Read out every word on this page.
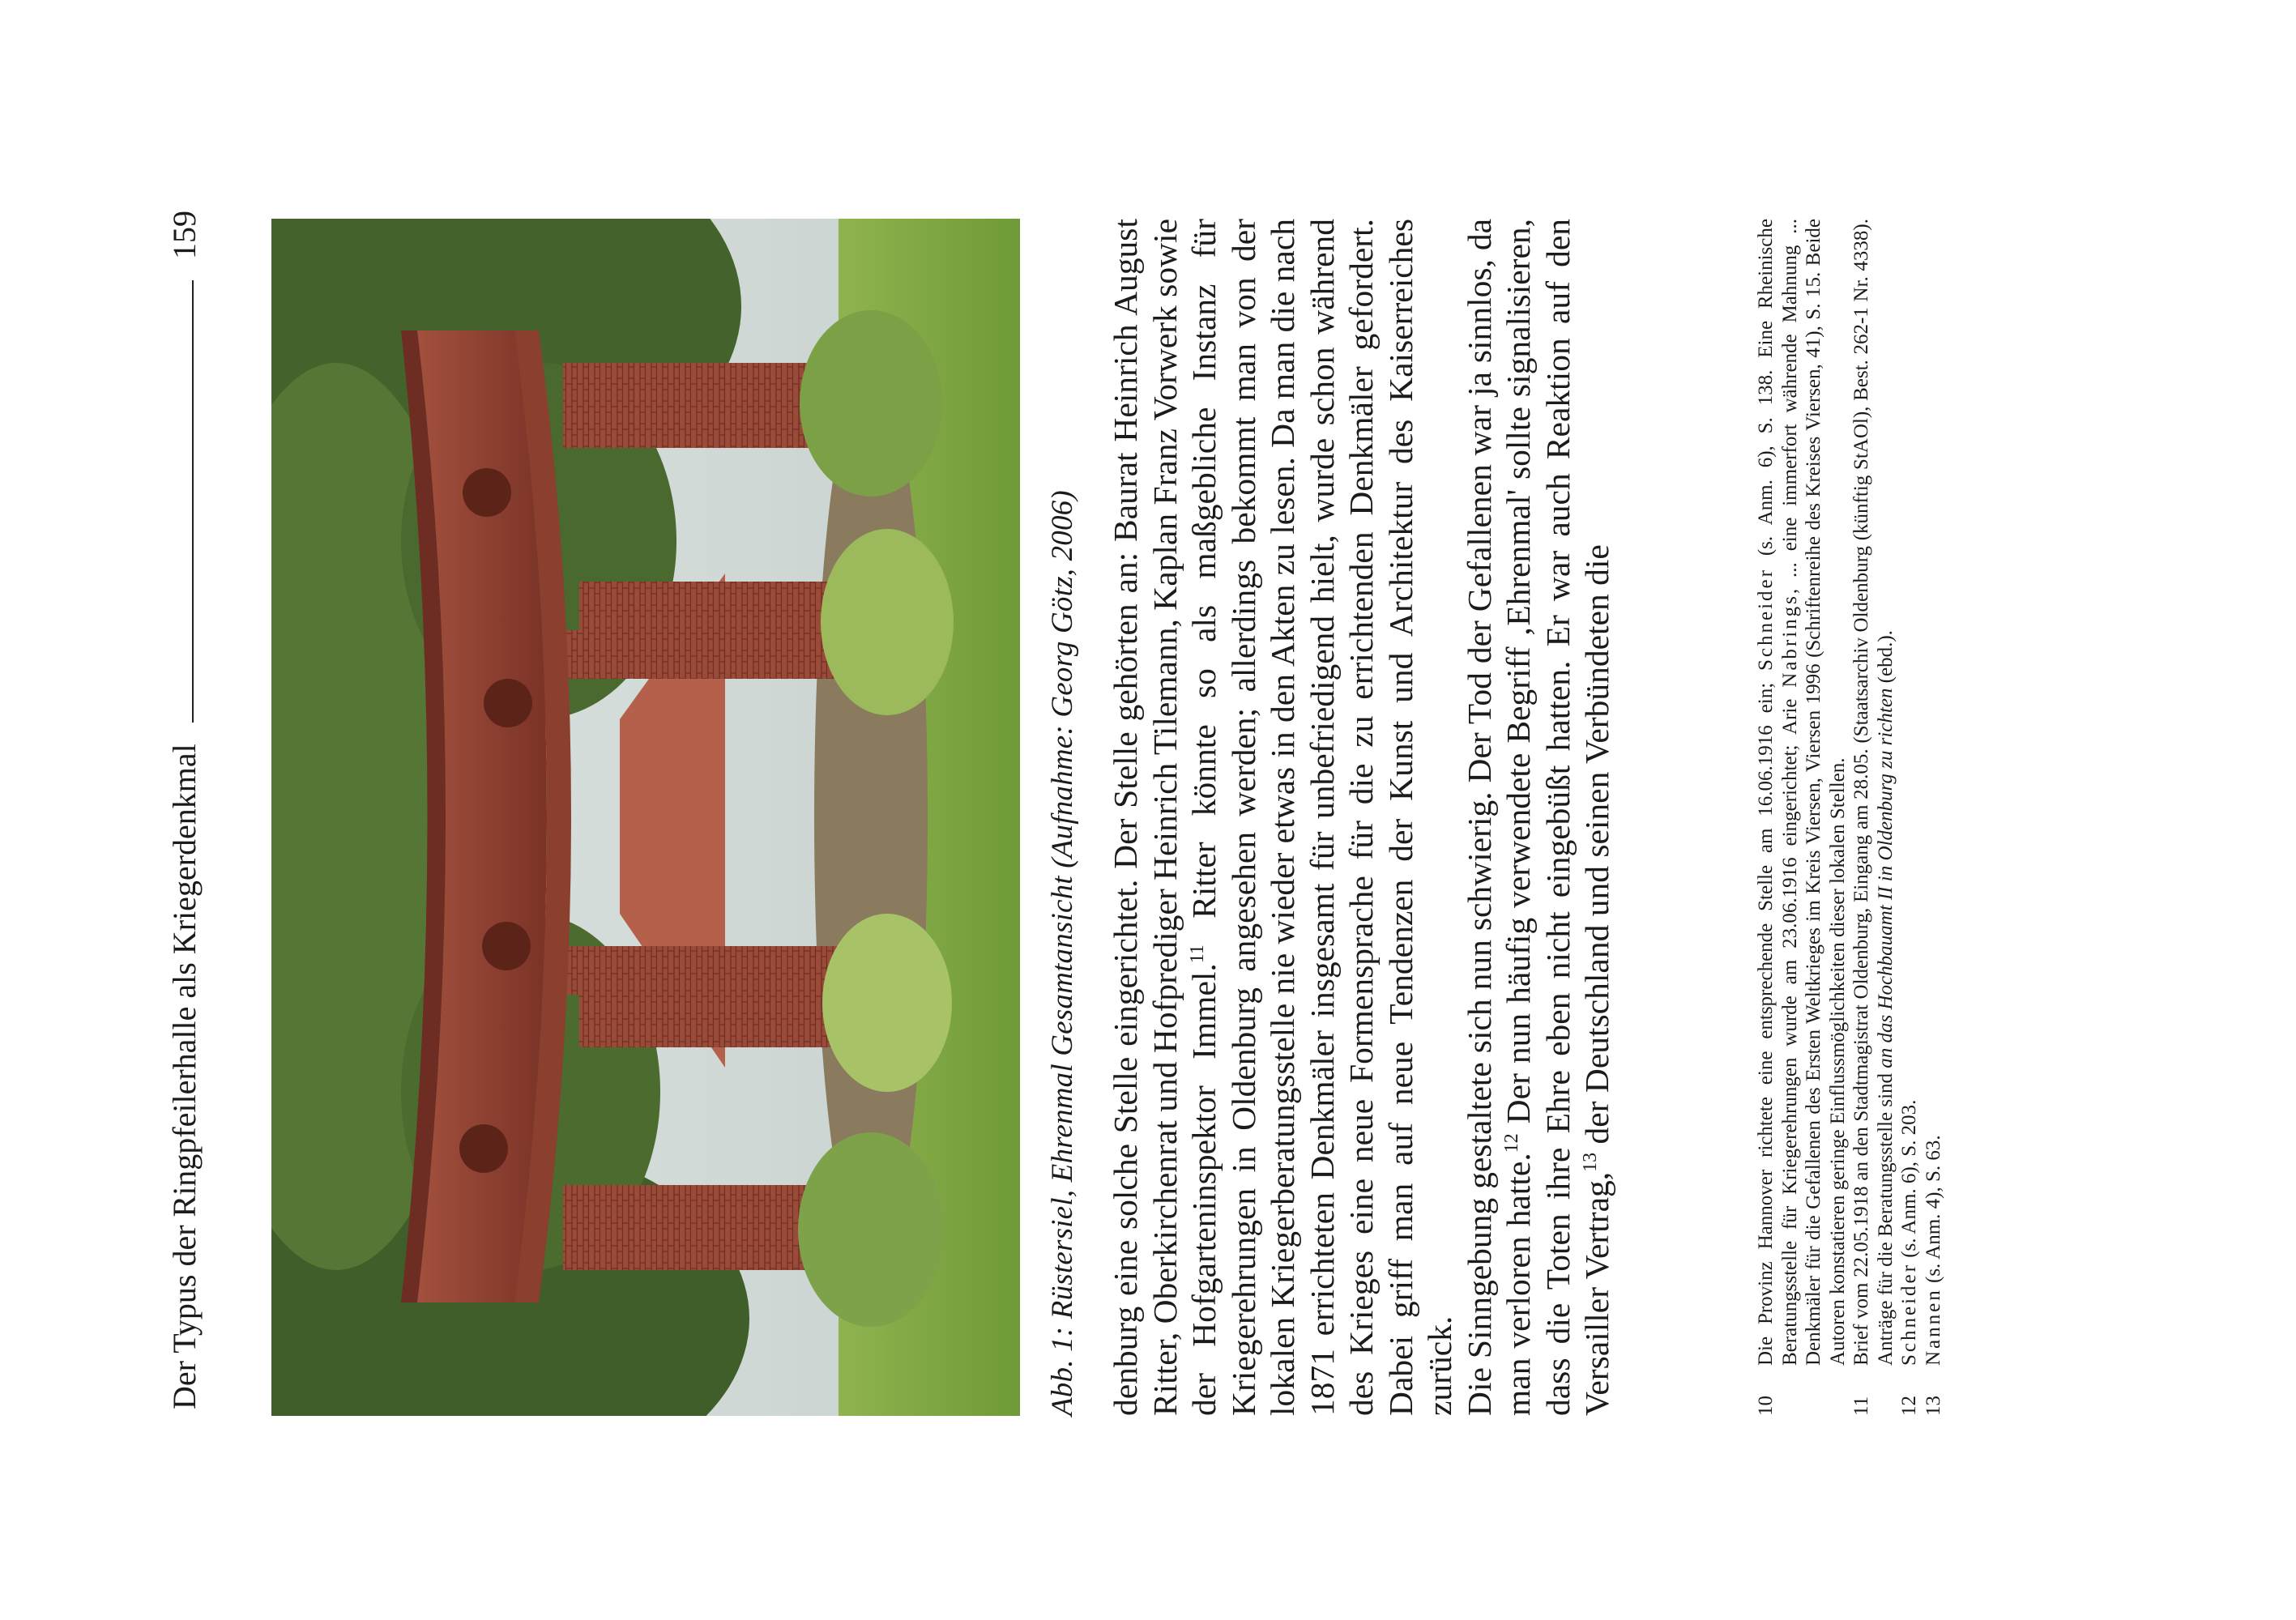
Der Typus der Ringpfeilerhalle als Kriegerdenkmal
159
Abb. 1: Rüstersiel, Ehrenmal Gesamtansicht (Aufnahme: Georg Götz, 2006) denburg eine solche Stelle eingerichtet. Der Stelle gehörten an: Baurat Heinrich August Ritter, Oberkirchenrat und Hofprediger Heinrich Tilemann, Kaplan Franz Vorwerk sowie der Hofgarteninspektor Immel.$^{11}$ Ritter könnte so als maßgebliche Instanz für Kriegerehrungen in Oldenburg angesehen werden; allerdings bekommt man von der lokalen Kriegerberatungsstelle nie wieder etwas in den Akten zu lesen. Da man die nach 1871 errichteten Denkmäler insgesamt für unbefriedigend hielt, wurde schon während des Krieges eine neue Formensprache für die zu errichtenden Denkmäler gefordert. Dabei griff man auf neue Tendenzen der Kunst und Architektur des Kaiserreiches zurück. Die Sinngebung gestaltete sich nun schwierig. Der Tod der Gefallenen war ja sinnlos, da man verloren hatte.$^{12}$ Der nun häufig verwendete Begriff ‚Ehrenmal' sollte signalisieren, dass die Toten ihre Ehre eben nicht eingebüßt hatten. Er war auch Reaktion auf den Versailler Vertrag,$^{13}$ der Deutschland und seinen Verbündeten die

10
Die Provinz Hannover richtete eine entsprechende Stelle am 16.06.1916 ein; Schneider (s. Anm. 6), S. 138. Eine Rheinische Beratungsstelle für Kriegerehrungen wurde am 23.06.1916 eingerichtet; Arie Nabrings, ... eine immerfort währende Mahnung ... Denkmäler für die Gefallenen des Ersten Weltkrieges im Kreis Viersen, Viersen 1996 (Schriftenreihe des Kreises Viersen, 41), S. 15. Beide Autoren konstatieren geringe Einflussmöglichkeiten dieser lokalen Stellen.
11
Brief vom 22.05.1918 an den Stadtmagistrat Oldenburg, Eingang am 28.05. (Staatsarchiv Oldenburg (künftig StAOl), Best. 262-1 Nr. 4338). Anträge für die Beratungsstelle sind an das Hochbauamt II in Oldenburg zu richten (ebd.).
12
Schneider (s. Anm. 6), S. 203.
13
Nannen (s. Anm. 4), S. 63.
